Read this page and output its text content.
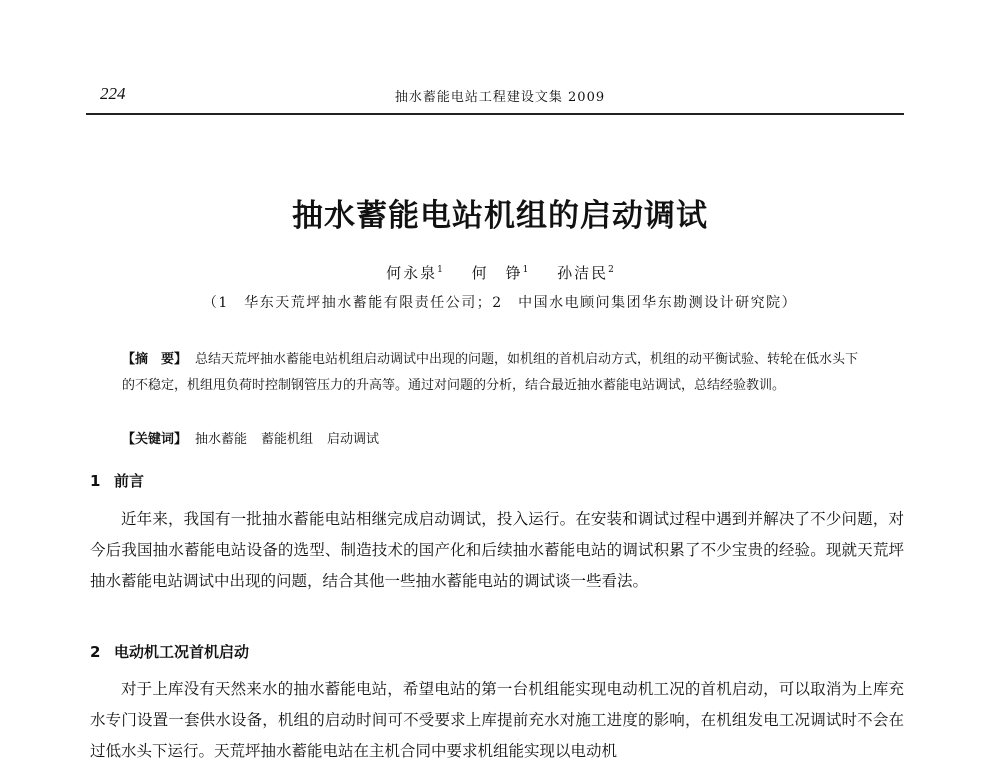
224	抽水蓄能电站工程建设文集 2009
抽水蓄能电站机组的启动调试
何永泉$^1$ 何　铮$^1$ 孙洁民$^2$
（1　华东天荒坪抽水蓄能有限责任公司；2　中国水电顾问集团华东勘测设计研究院）
【摘　要】 总结天荒坪抽水蓄能电站机组启动调试中出现的问题，如机组的首机启动方式，机组的动平衡试验、转轮在低水头下的不稳定，机组甩负荷时控制钢管压力的升高等。通过对问题的分析，结合最近抽水蓄能电站调试，总结经验教训。
【关键词】 抽水蓄能 蓄能机组 启动调试
1 前言
近年来，我国有一批抽水蓄能电站相继完成启动调试，投入运行。在安装和调试过程中遇到并解决了不少问题，对今后我国抽水蓄能电站设备的选型、制造技术的国产化和后续抽水蓄能电站的调试积累了不少宝贵的经验。现就天荒坪抽水蓄能电站调试中出现的问题，结合其他一些抽水蓄能电站的调试谈一些看法。
2 电动机工况首机启动
对于上库没有天然来水的抽水蓄能电站，希望电站的第一台机组能实现电动机工况的首机启动，可以取消为上库充水专门设置一套供水设备，机组的启动时间可不受要求上库提前充水对施工进度的影响，在机组发电工况调试时不会在过低水头下运行。天荒坪抽水蓄能电站在主机合同中要求机组能实现以电动机
